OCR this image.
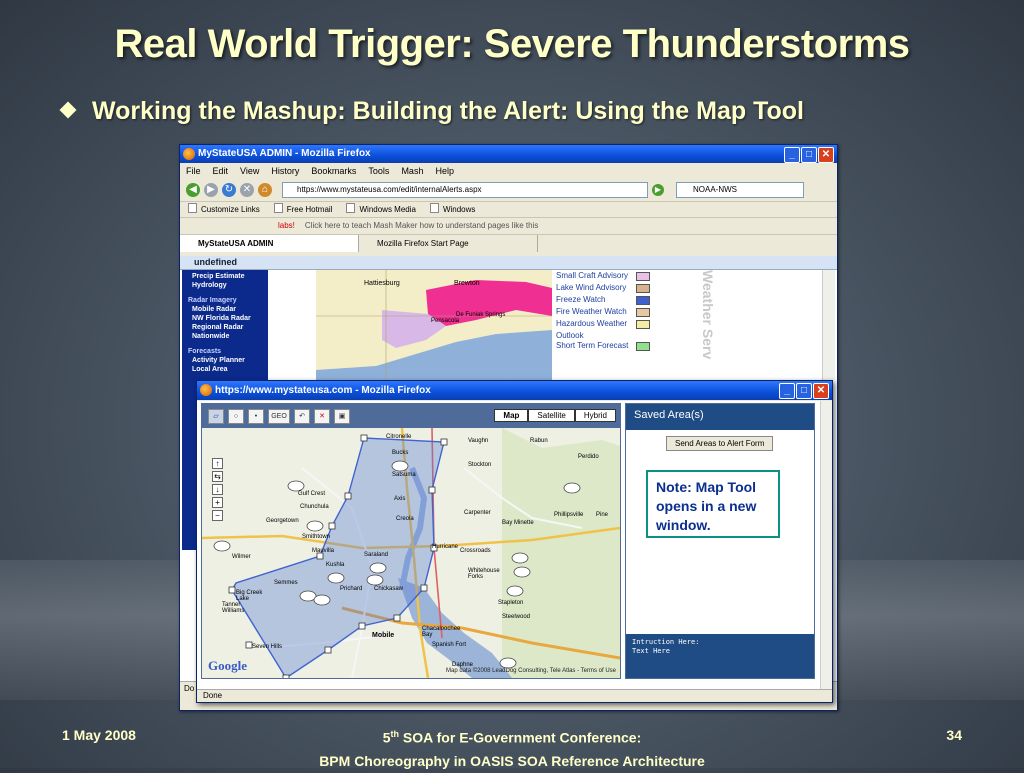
Real World Trigger: Severe Thunderstorms
Working the Mashup: Building the Alert: Using the Map Tool
MyStateUSA ADMIN - Mozilla Firefox	_	□ ✕
File Edit View History Bookmarks Tools Mash Help
◀	▶ ↻ ✕	⌂	https://www.mystateusa.com/edit/internalAlerts.aspx	▶	NOAA-NWS
Customize Links	Free Hotmail	Windows Media	Windows
labs! Click here to teach Mash Maker how to understand pages like this
MyStateUSA ADMIN	Mozilla Firefox Start Page
undefined
Precip Estimate
Hydrology
Radar Imagery
Mobile Radar
NW Florida Radar
Regional Radar
Nationwide
Forecasts
Activity Planner
Local Area
Hattiesburg	Brewton
Pensacola
De Funiak Springs
Small Craft Advisory
Lake Wind Advisory
Freeze Watch
Fire Weather Watch
Hazardous Weather Outlook
Short Term Forecast	Weather Serv
Do
https://www.mystateusa.com - Mozilla Firefox	_	□ ✕
▱	○	•	GEO	↶	✕	▣	Map	Satellite	Hybrid
↑
⇆
↓
+
−
Citronelle
Vaughn
Bucks
Satsuma
Gulf Crest
Chunchula
Axis
Creola
Georgetown
Smithtown
Saraland
Mauvilla
Kushla
Wilmer
Prichard Chickasaw
Semmes
Big Creek Lake
Mobile
Spanish Fort
Stockton
Perdido
Bay Minette
Phillipsville
Carpenter
Hurricane
Crossroads
Whitehouse Forks
Stapleton
Steelwood
Seven Hills
Chacaloochee Bay
Tanner Williams
Rabun
Daphne
Pine
Google	Map data ©2008 LeadDog Consulting, Tele Atlas - Terms of Use
Saved Area(s)
Send Areas to Alert Form
Note: Map Tool opens in a new window.
Intruction Here:
Text Here
Done
1 May 2008	5th SOA for E-Government Conference:
BPM Choreography in OASIS SOA Reference Architecture
34
